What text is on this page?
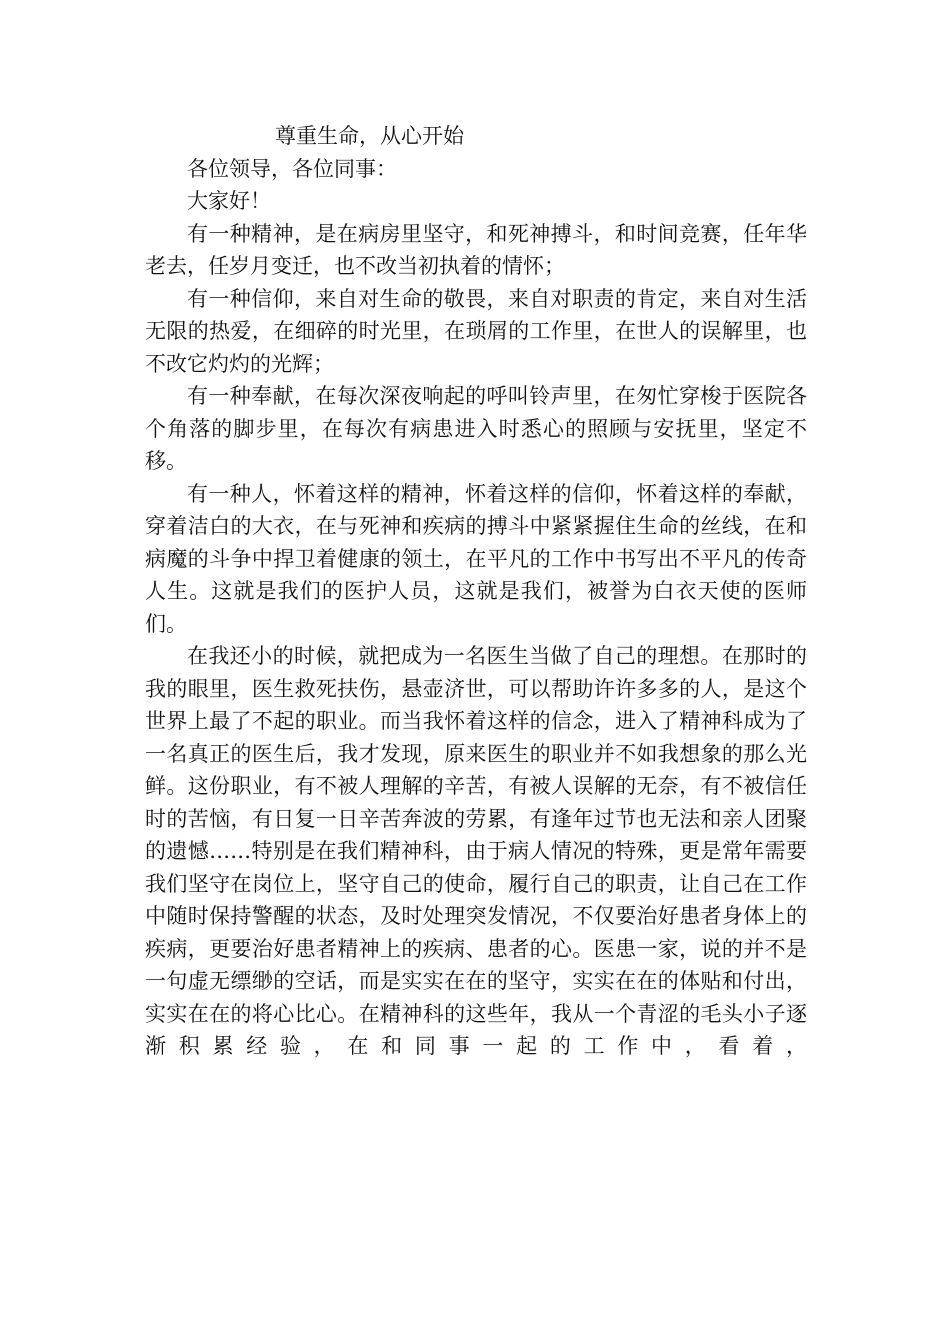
尊重生命，从心开始

各位领导，各位同事：

大家好！

有一种精神，是在病房里坚守，和死神搏斗，和时间竞赛，任年华老去，任岁月变迁，也不改当初执着的情怀；

有一种信仰，来自对生命的敬畏，来自对职责的肯定，来自对生活无限的热爱，在细碎的时光里，在琐屑的工作里，在世人的误解里，也不改它灼灼的光辉；

有一种奉献，在每次深夜响起的呼叫铃声里，在匆忙穿梭于医院各个角落的脚步里，在每次有病患进入时悉心的照顾与安抚里，坚定不移。

有一种人，怀着这样的精神，怀着这样的信仰，怀着这样的奉献，穿着洁白的大衣，在与死神和疾病的搏斗中紧紧握住生命的丝线，在和病魔的斗争中捍卫着健康的领土，在平凡的工作中书写出不平凡的传奇人生。这就是我们的医护人员，这就是我们，被誉为白衣天使的医师们。

在我还小的时候，就把成为一名医生当做了自己的理想。在那时的我的眼里，医生救死扶伤，悬壶济世，可以帮助许许多多的人，是这个世界上最了不起的职业。而当我怀着这样的信念，进入了精神科成为了一名真正的医生后，我才发现，原来医生的职业并不如我想象的那么光鲜。这份职业，有不被人理解的辛苦，有被人误解的无奈，有不被信任时的苦恼，有日复一日辛苦奔波的劳累，有逢年过节也无法和亲人团聚的遗憾……特别是在我们精神科，由于病人情况的特殊，更是常年需要我们坚守在岗位上，坚守自己的使命，履行自己的职责，让自己在工作中随时保持警醒的状态，及时处理突发情况，不仅要治好患者身体上的疾病，更要治好患者精神上的疾病、患者的心。医患一家，说的并不是一句虚无缥缈的空话，而是实实在在的坚守，实实在在的体贴和付出，实实在在的将心比心。在精神科的这些年，我从一个青涩的毛头小子逐渐积累经验，在和同事一起的工作中，看着，
